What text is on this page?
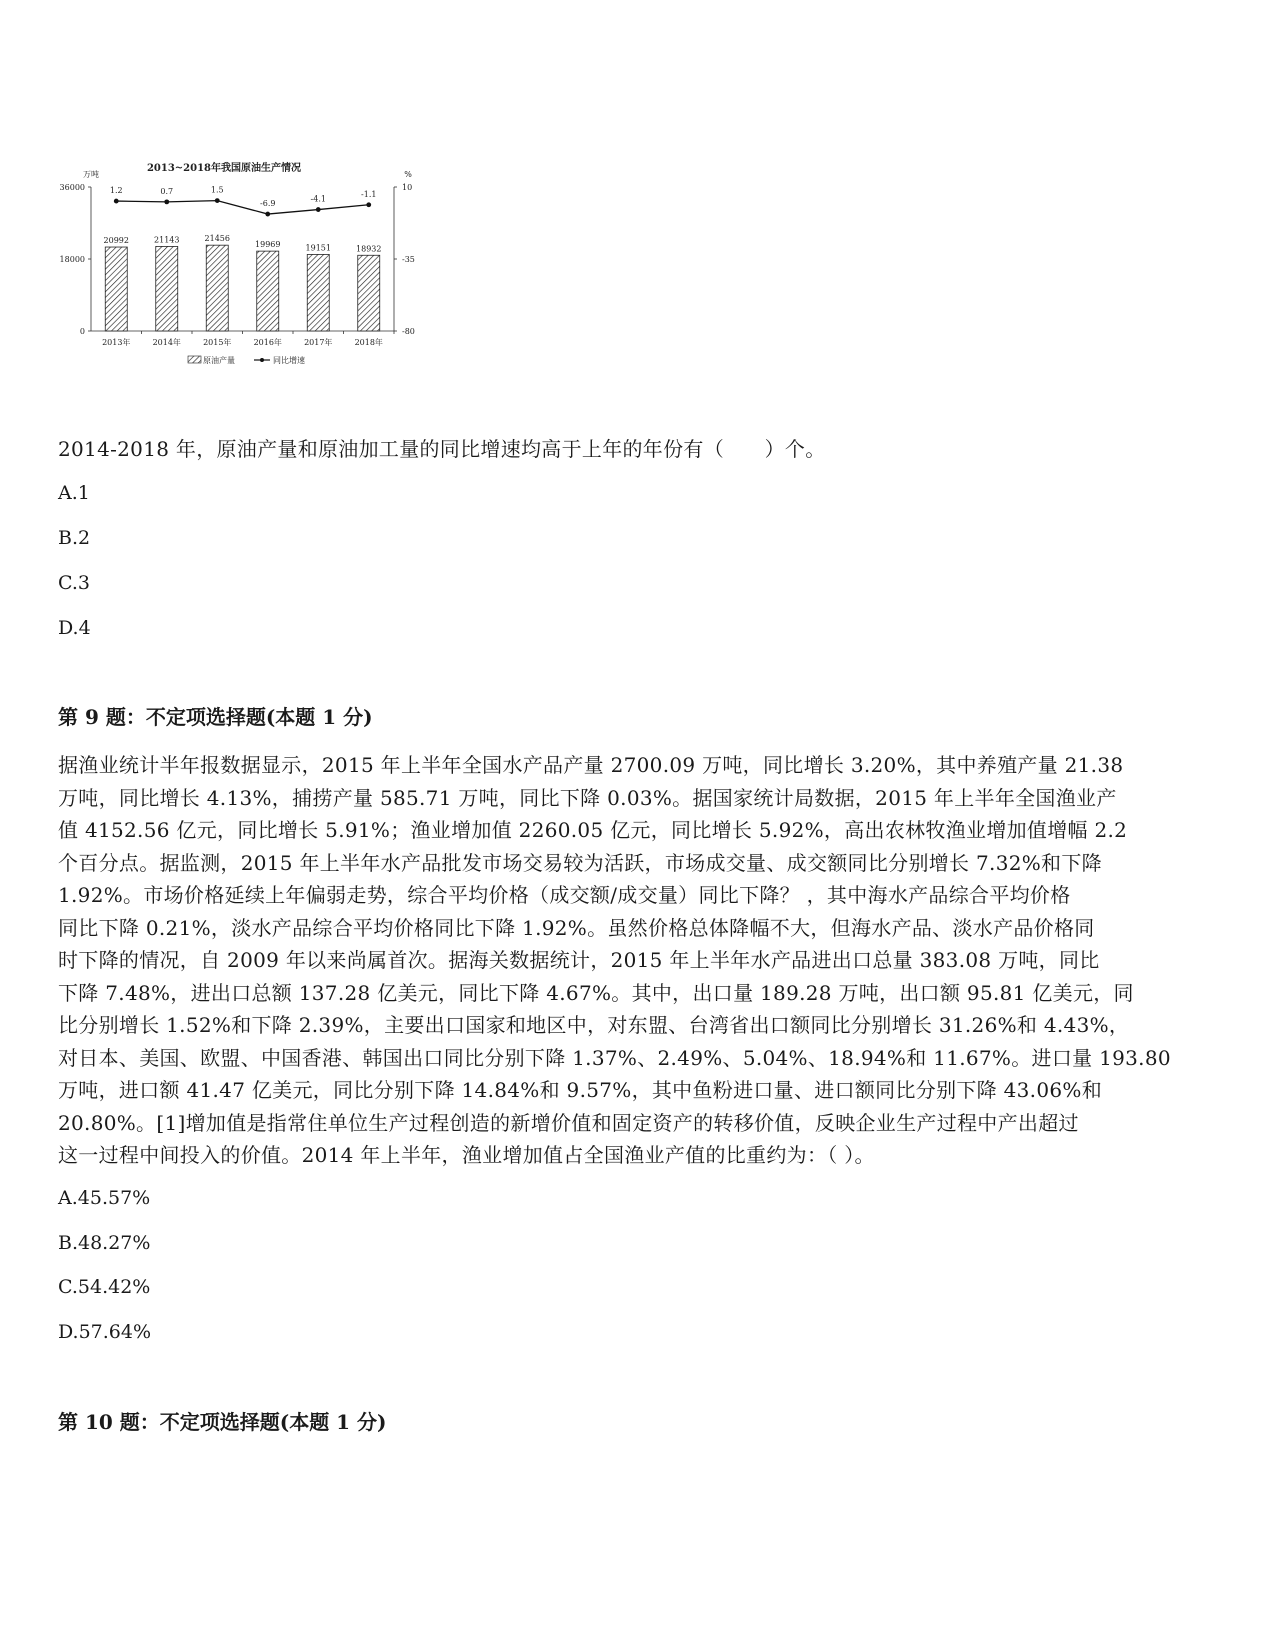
2013~2018年我国原油生产情况
万吨	%
36000
18000
0
10
-35
-80
2013年	2014年	2015年	2016年	2017年	2018年
20992	21143	21456
19969	19151	18932
1.2	0.7	1.5
-6.9	-4.1
-1.1
原油产量	同比增速

2014-2018 年，原油产量和原油加工量的同比增速均高于上年的年份有（　　）个。

A.1

B.2

C.3

D.4

第 9 题：不定项选择题(本题 1 分)

据渔业统计半年报数据显示，2015 年上半年全国水产品产量 2700.09 万吨，同比增长 3.20%，其中养殖产量 21.38
万吨，同比增长 4.13%，捕捞产量 585.71 万吨，同比下降 0.03%。据国家统计局数据，2015 年上半年全国渔业产
值 4152.56 亿元，同比增长 5.91%；渔业增加值 2260.05 亿元，同比增长 5.92%，高出农林牧渔业增加值增幅 2.2
个百分点。据监测，2015 年上半年水产品批发市场交易较为活跃，市场成交量、成交额同比分别增长 7.32%和下降
1.92%。市场价格延续上年偏弱走势，综合平均价格（成交额/成交量）同比下降？ ，其中海水产品综合平均价格
同比下降 0.21%，淡水产品综合平均价格同比下降 1.92%。虽然价格总体降幅不大，但海水产品、淡水产品价格同
时下降的情况，自 2009 年以来尚属首次。据海关数据统计，2015 年上半年水产品进出口总量 383.08 万吨，同比
下降 7.48%，进出口总额 137.28 亿美元，同比下降 4.67%。其中，出口量 189.28 万吨，出口额 95.81 亿美元，同
比分别增长 1.52%和下降 2.39%，主要出口国家和地区中，对东盟、台湾省出口额同比分别增长 31.26%和 4.43%，
对日本、美国、欧盟、中国香港、韩国出口同比分别下降 1.37%、2.49%、5.04%、18.94%和 11.67%。进口量 193.80
万吨，进口额 41.47 亿美元，同比分别下降 14.84%和 9.57%，其中鱼粉进口量、进口额同比分别下降 43.06%和
20.80%。[1]增加值是指常住单位生产过程创造的新增价值和固定资产的转移价值，反映企业生产过程中产出超过
这一过程中间投入的价值。2014 年上半年，渔业增加值占全国渔业产值的比重约为：（ ）。

A.45.57%

B.48.27%

C.54.42%

D.57.64%

第 10 题：不定项选择题(本题 1 分)
